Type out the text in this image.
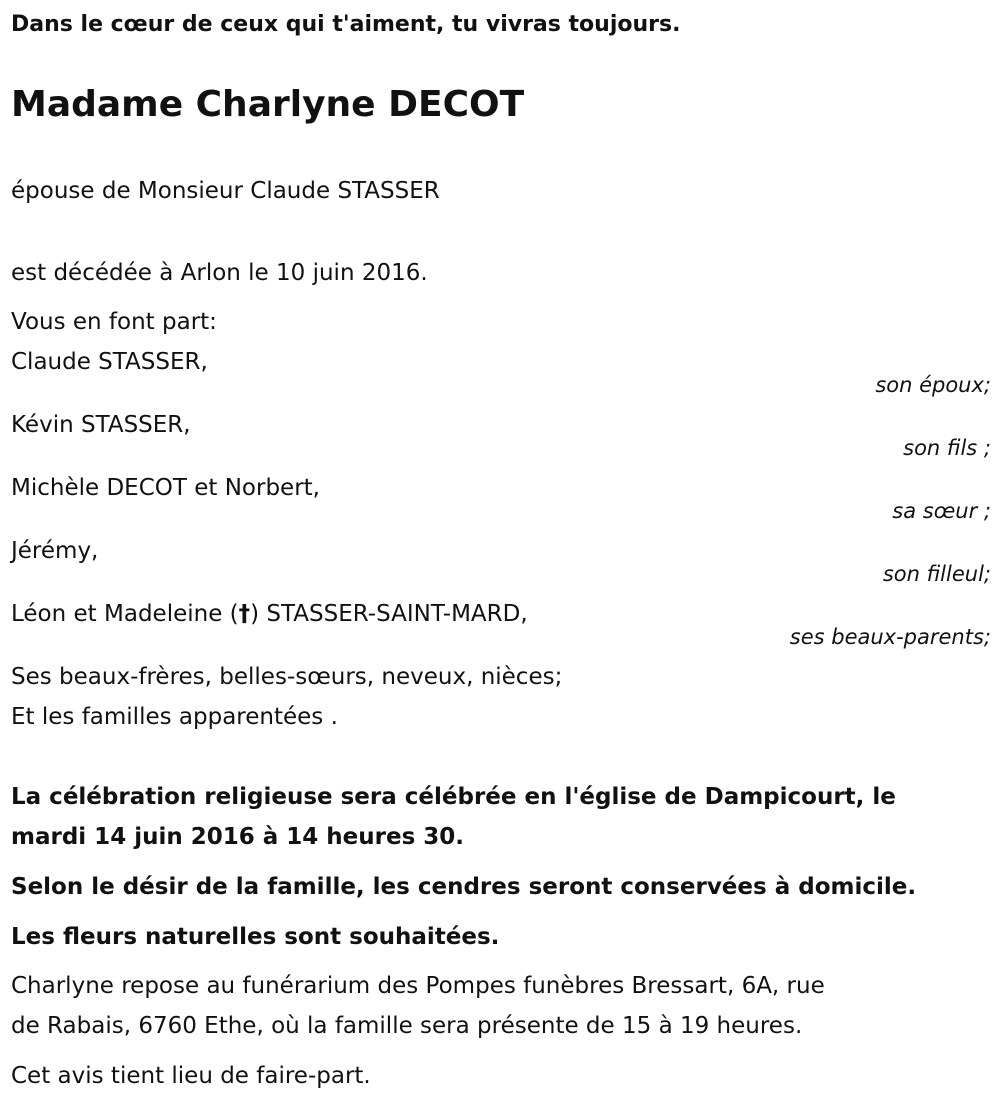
Dans le cœur de ceux qui t'aiment, tu vivras toujours.
Madame Charlyne DECOT
épouse de Monsieur Claude STASSER
est décédée à Arlon le 10 juin 2016.
Vous en font part:
Claude STASSER,
son époux;
Kévin STASSER,
son fils ;
Michèle DECOT et Norbert,
sa sœur ;
Jérémy,
son filleul;
Léon et Madeleine (†) STASSER-SAINT-MARD,
ses beaux-parents;
Ses beaux-frères, belles-sœurs, neveux, nièces;
Et les familles apparentées .
La célébration religieuse sera célébrée en l'église de Dampicourt, le
mardi 14 juin 2016 à 14 heures 30.
Selon le désir de la famille, les cendres seront conservées à domicile.
Les fleurs naturelles sont souhaitées.
Charlyne repose au funérarium des Pompes funèbres Bressart, 6A, rue
de Rabais, 6760 Ethe, où la famille sera présente de 15 à 19 heures.
Cet avis tient lieu de faire-part.
